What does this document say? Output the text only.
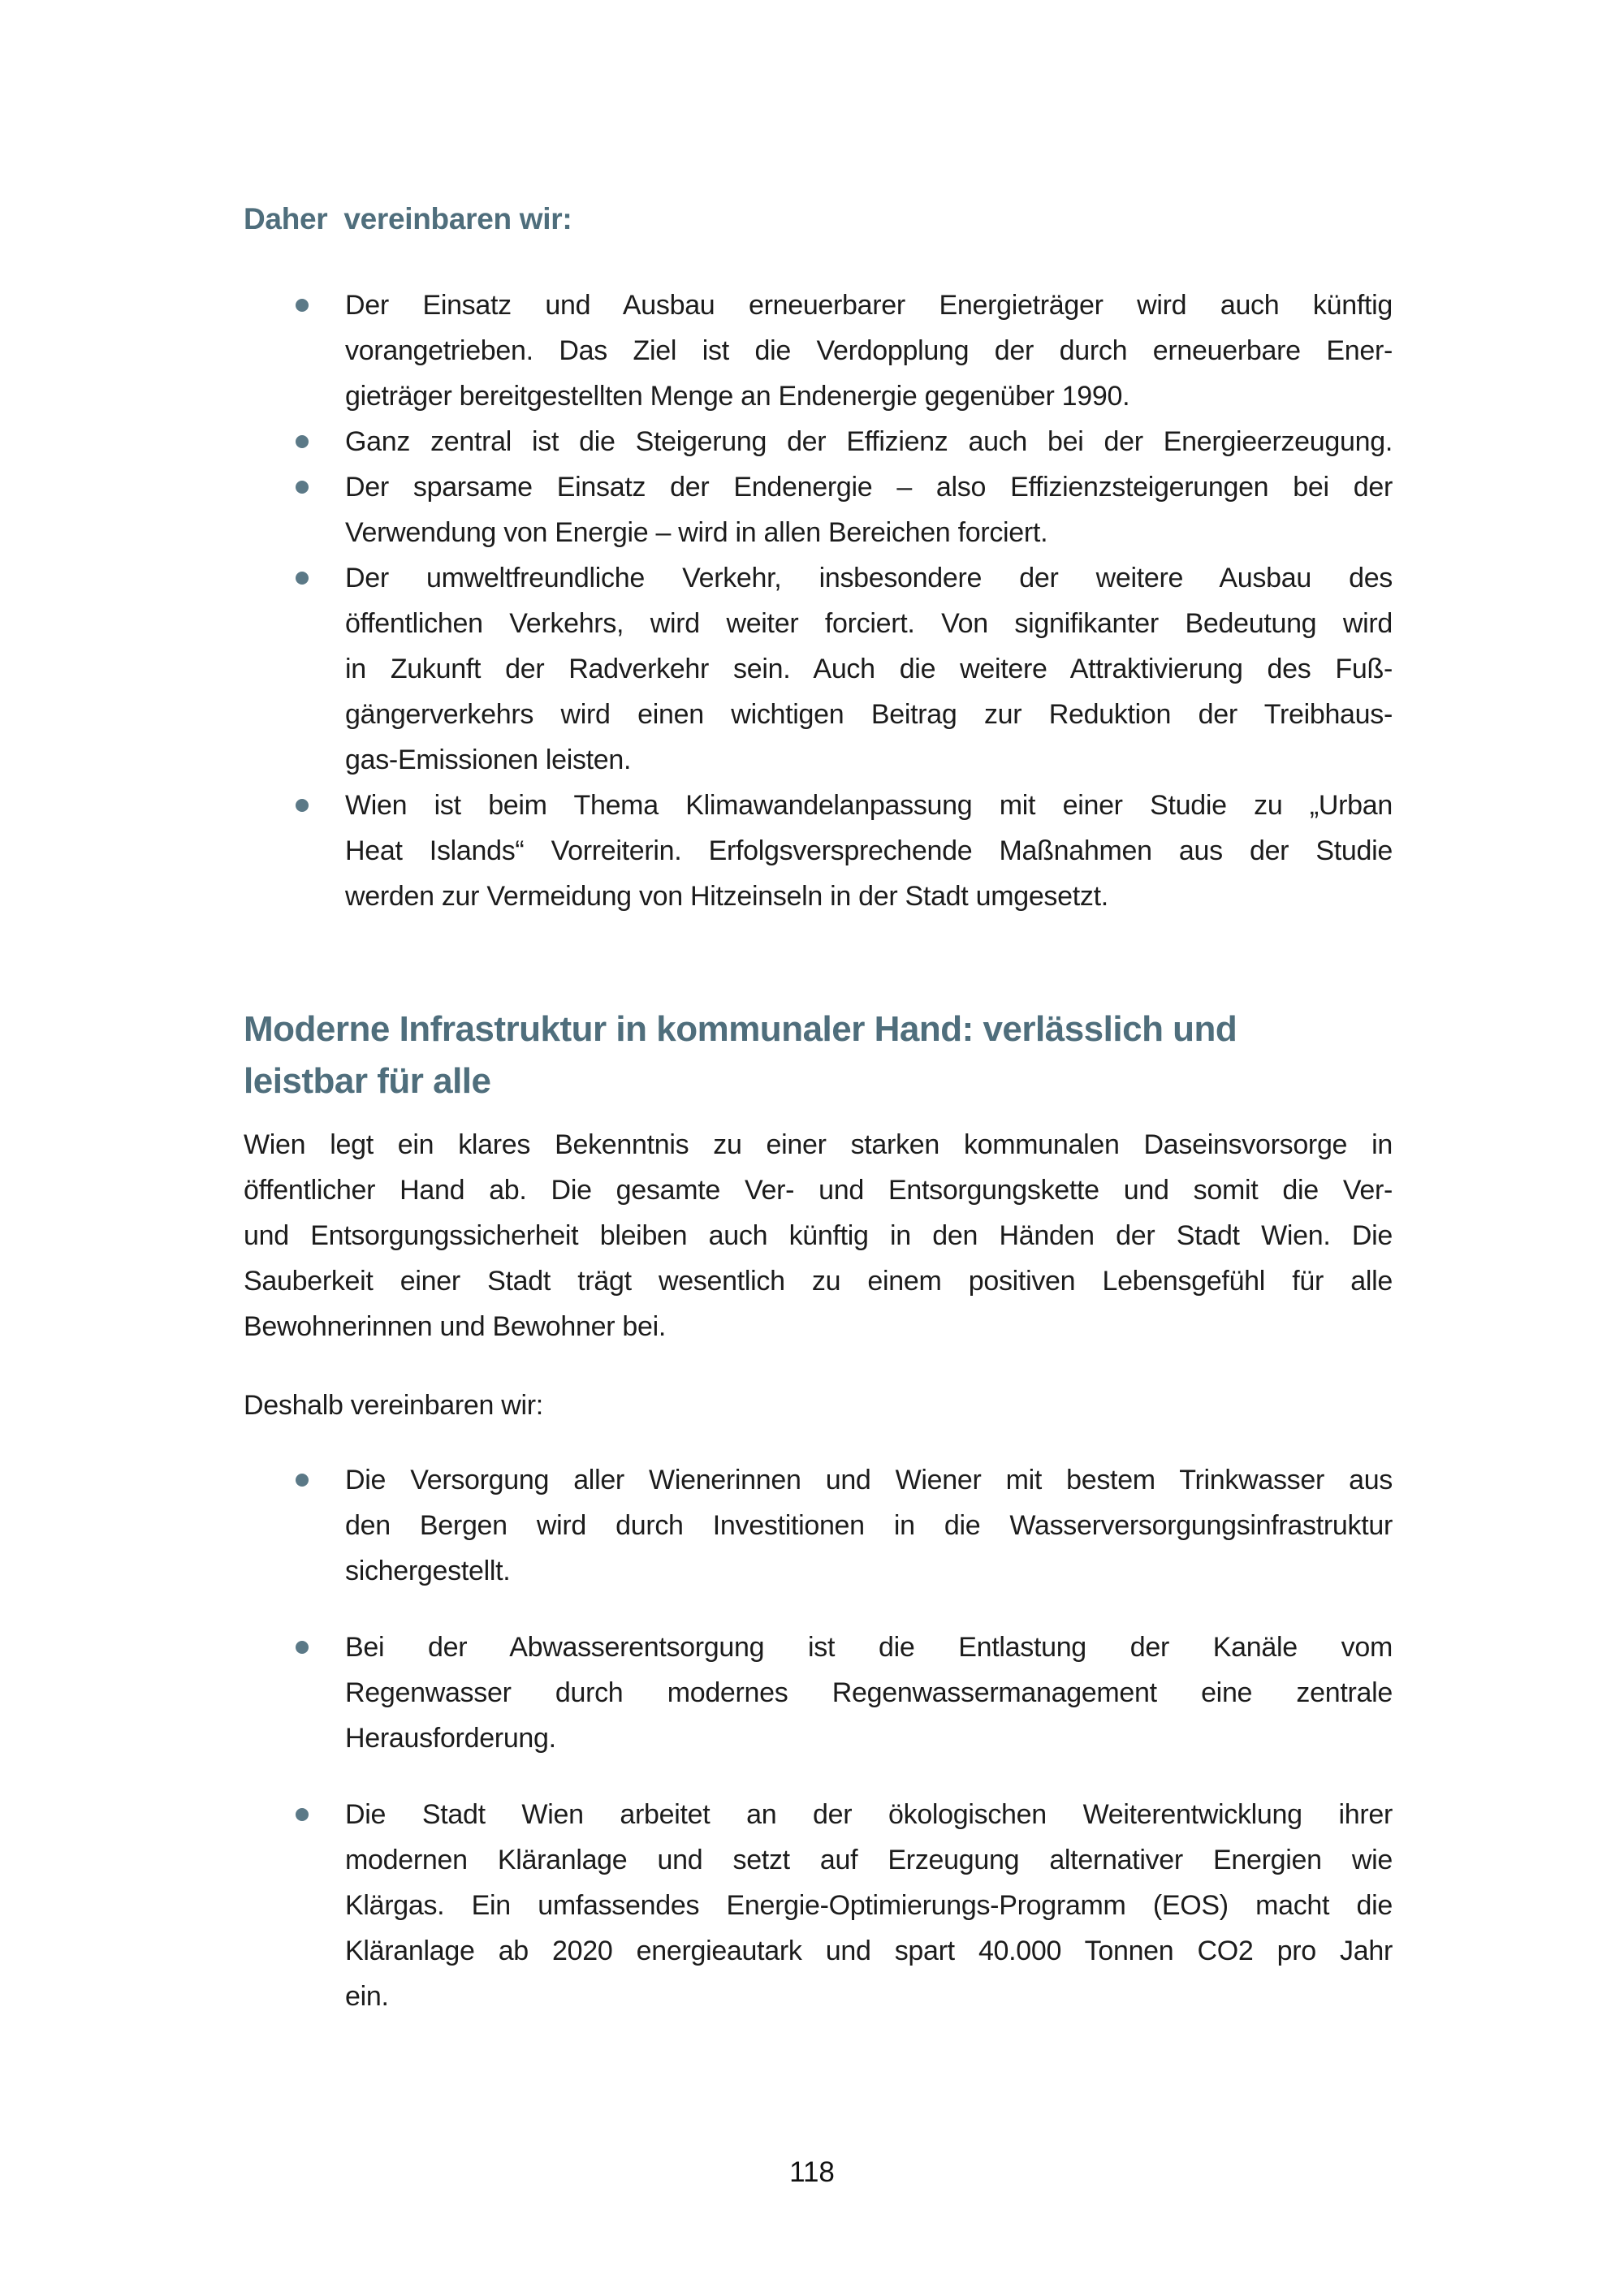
Daher  vereinbaren wir:
Der Einsatz und Ausbau erneuerbarer Energieträger wird auch künftig
vorangetrieben. Das Ziel ist die Verdopplung der durch erneuerbare Ener-
gieträger bereitgestellten Menge an Endenergie gegenüber 1990.
Ganz zentral ist die Steigerung der Effizienz auch bei der Energieerzeugung.
Der sparsame Einsatz der Endenergie – also Effizienzsteigerungen bei der
Verwendung von Energie – wird in allen Bereichen forciert.
Der umweltfreundliche Verkehr, insbesondere der weitere Ausbau des
öffentlichen Verkehrs, wird weiter forciert. Von signifikanter Bedeutung wird
in Zukunft der Radverkehr sein. Auch die weitere Attraktivierung des Fuß-
gängerverkehrs wird einen wichtigen Beitrag zur Reduktion der Treibhaus-
gas-Emissionen leisten.
Wien ist beim Thema Klimawandelanpassung mit einer Studie zu „Urban
Heat Islands“ Vorreiterin. Erfolgsversprechende Maßnahmen aus der Studie
werden zur Vermeidung von Hitzeinseln in der Stadt umgesetzt.
Moderne Infrastruktur in kommunaler Hand: verlässlich und
leistbar für alle

Wien legt ein klares Bekenntnis zu einer starken kommunalen Daseinsvorsorge in
öffentlicher Hand ab. Die gesamte Ver- und Entsorgungskette und somit die Ver-
und Entsorgungssicherheit bleiben auch künftig in den Händen der Stadt Wien. Die
Sauberkeit einer Stadt trägt wesentlich zu einem positiven Lebensgefühl für alle
Bewohnerinnen und Bewohner bei.

Deshalb vereinbaren wir:

Die Versorgung aller Wienerinnen und Wiener mit bestem Trinkwasser aus
den Bergen wird durch Investitionen in die Wasserversorgungsinfrastruktur
sichergestellt.
Bei der Abwasserentsorgung ist die Entlastung der Kanäle vom
Regenwasser durch modernes Regenwassermanagement eine zentrale
Herausforderung.
Die Stadt Wien arbeitet an der ökologischen Weiterentwicklung ihrer
modernen Kläranlage und setzt auf Erzeugung alternativer Energien wie
Klärgas. Ein umfassendes Energie-Optimierungs-Programm (EOS) macht die
Kläranlage ab 2020 energieautark und spart 40.000 Tonnen CO2 pro Jahr
ein.
118
